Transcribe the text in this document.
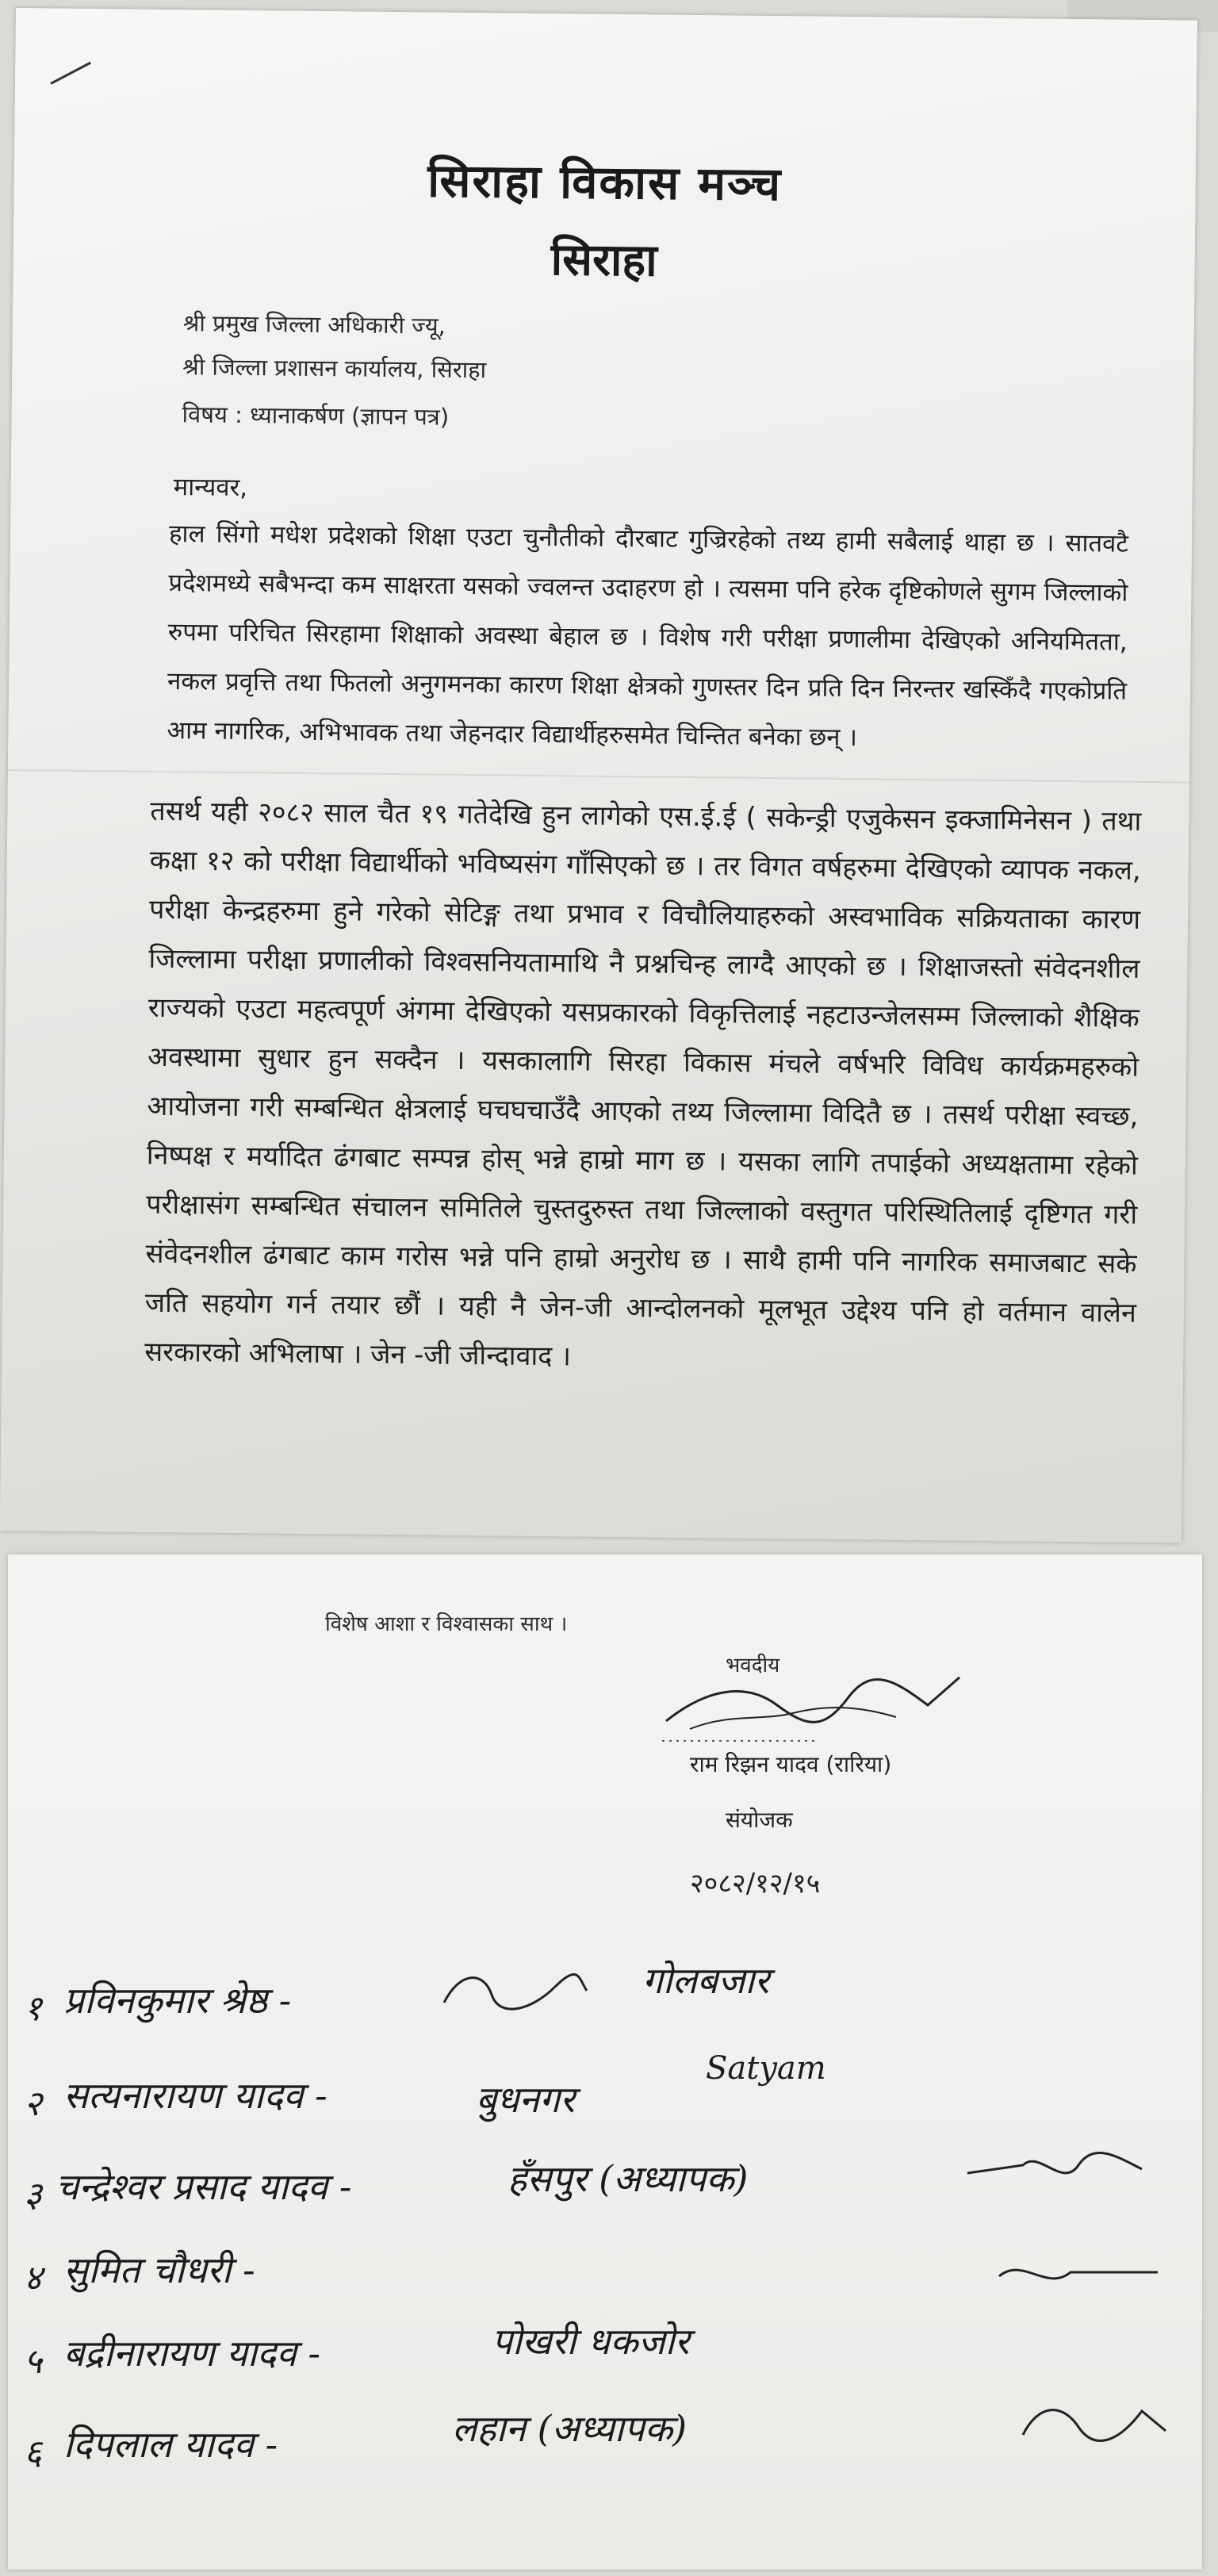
सिराहा विकास मञ्च
सिराहा
श्री प्रमुख जिल्ला अधिकारी ज्यू,
श्री जिल्ला प्रशासन कार्यालय, सिराहा
विषय : ध्यानाकर्षण (ज्ञापन पत्र)
मान्यवर,
हाल सिंगो मधेश प्रदेशको शिक्षा एउटा चुनौतीको दौरबाट गुज्रिरहेको तथ्य हामी सबैलाई थाहा छ । सातवटै प्रदेशमध्ये सबैभन्दा कम साक्षरता यसको ज्वलन्त उदाहरण हो । त्यसमा पनि हरेक दृष्टिकोणले सुगम जिल्लाको रुपमा परिचित सिरहामा शिक्षाको अवस्था बेहाल छ । विशेष गरी परीक्षा प्रणालीमा देखिएको अनियमितता, नकल प्रवृत्ति तथा फितलो अनुगमनका कारण शिक्षा क्षेत्रको गुणस्तर दिन प्रति दिन निरन्तर खस्किँदै गएकोप्रति आम नागरिक, अभिभावक तथा जेहनदार विद्यार्थीहरुसमेत चिन्तित बनेका छन् ।
तसर्थ यही २०८२ साल चैत १९ गतेदेखि हुन लागेको एस.ई.ई ( सकेन्ड्री एजुकेसन इक्जामिनेसन ) तथा कक्षा १२ को परीक्षा विद्यार्थीको भविष्यसंग गाँसिएको छ । तर विगत वर्षहरुमा देखिएको व्यापक नकल, परीक्षा केन्द्रहरुमा हुने गरेको सेटिङ्ग तथा प्रभाव र विचौलियाहरुको अस्वभाविक सक्रियताका कारण जिल्लामा परीक्षा प्रणालीको विश्वसनियतामाथि नै प्रश्नचिन्ह लाग्दै आएको छ । शिक्षाजस्तो संवेदनशील राज्यको एउटा महत्वपूर्ण अंगमा देखिएको यसप्रकारको विकृत्तिलाई नहटाउन्जेलसम्म जिल्लाको शैक्षिक अवस्थामा सुधार हुन सक्दैन । यसकालागि सिरहा विकास मंचले वर्षभरि विविध कार्यक्रमहरुको आयोजना गरी सम्बन्धित क्षेत्रलाई घचघचाउँदै आएको तथ्य जिल्लामा विदितै छ । तसर्थ परीक्षा स्वच्छ, निष्पक्ष र मर्यादित ढंगबाट सम्पन्न होस् भन्ने हाम्रो माग छ । यसका लागि तपाईको अध्यक्षतामा रहेको परीक्षासंग सम्बन्धित संचालन समितिले चुस्तदुरुस्त तथा जिल्लाको वस्तुगत परिस्थितिलाई दृष्टिगत गरी संवेदनशील ढंगबाट काम गरोस भन्ने पनि हाम्रो अनुरोध छ । साथै हामी पनि नागरिक समाजबाट सके जति सहयोग गर्न तयार छौं । यही नै जेन-जी आन्दोलनको मूलभूत उद्देश्य पनि हो वर्तमान वालेन सरकारको अभिलाषा । जेन -जी जीन्दावाद ।
विशेष आशा र विश्वासका साथ ।
भवदीय
राम रिझन यादव (रारिया)
संयोजक
२०८२/१२/१५
१ प्रविनकुमार श्रेष्ठ -	गोलबजार
२ सत्यनारायण यादव -	बुधनगर
Satyam
३ चन्द्रेश्वर प्रसाद यादव -	हँसपुर (अध्यापक)
४ सुमित चौधरी -
५ बद्रीनारायण यादव -	पोखरी धकजोर
६ दिपलाल यादव -	लहान (अध्यापक)
